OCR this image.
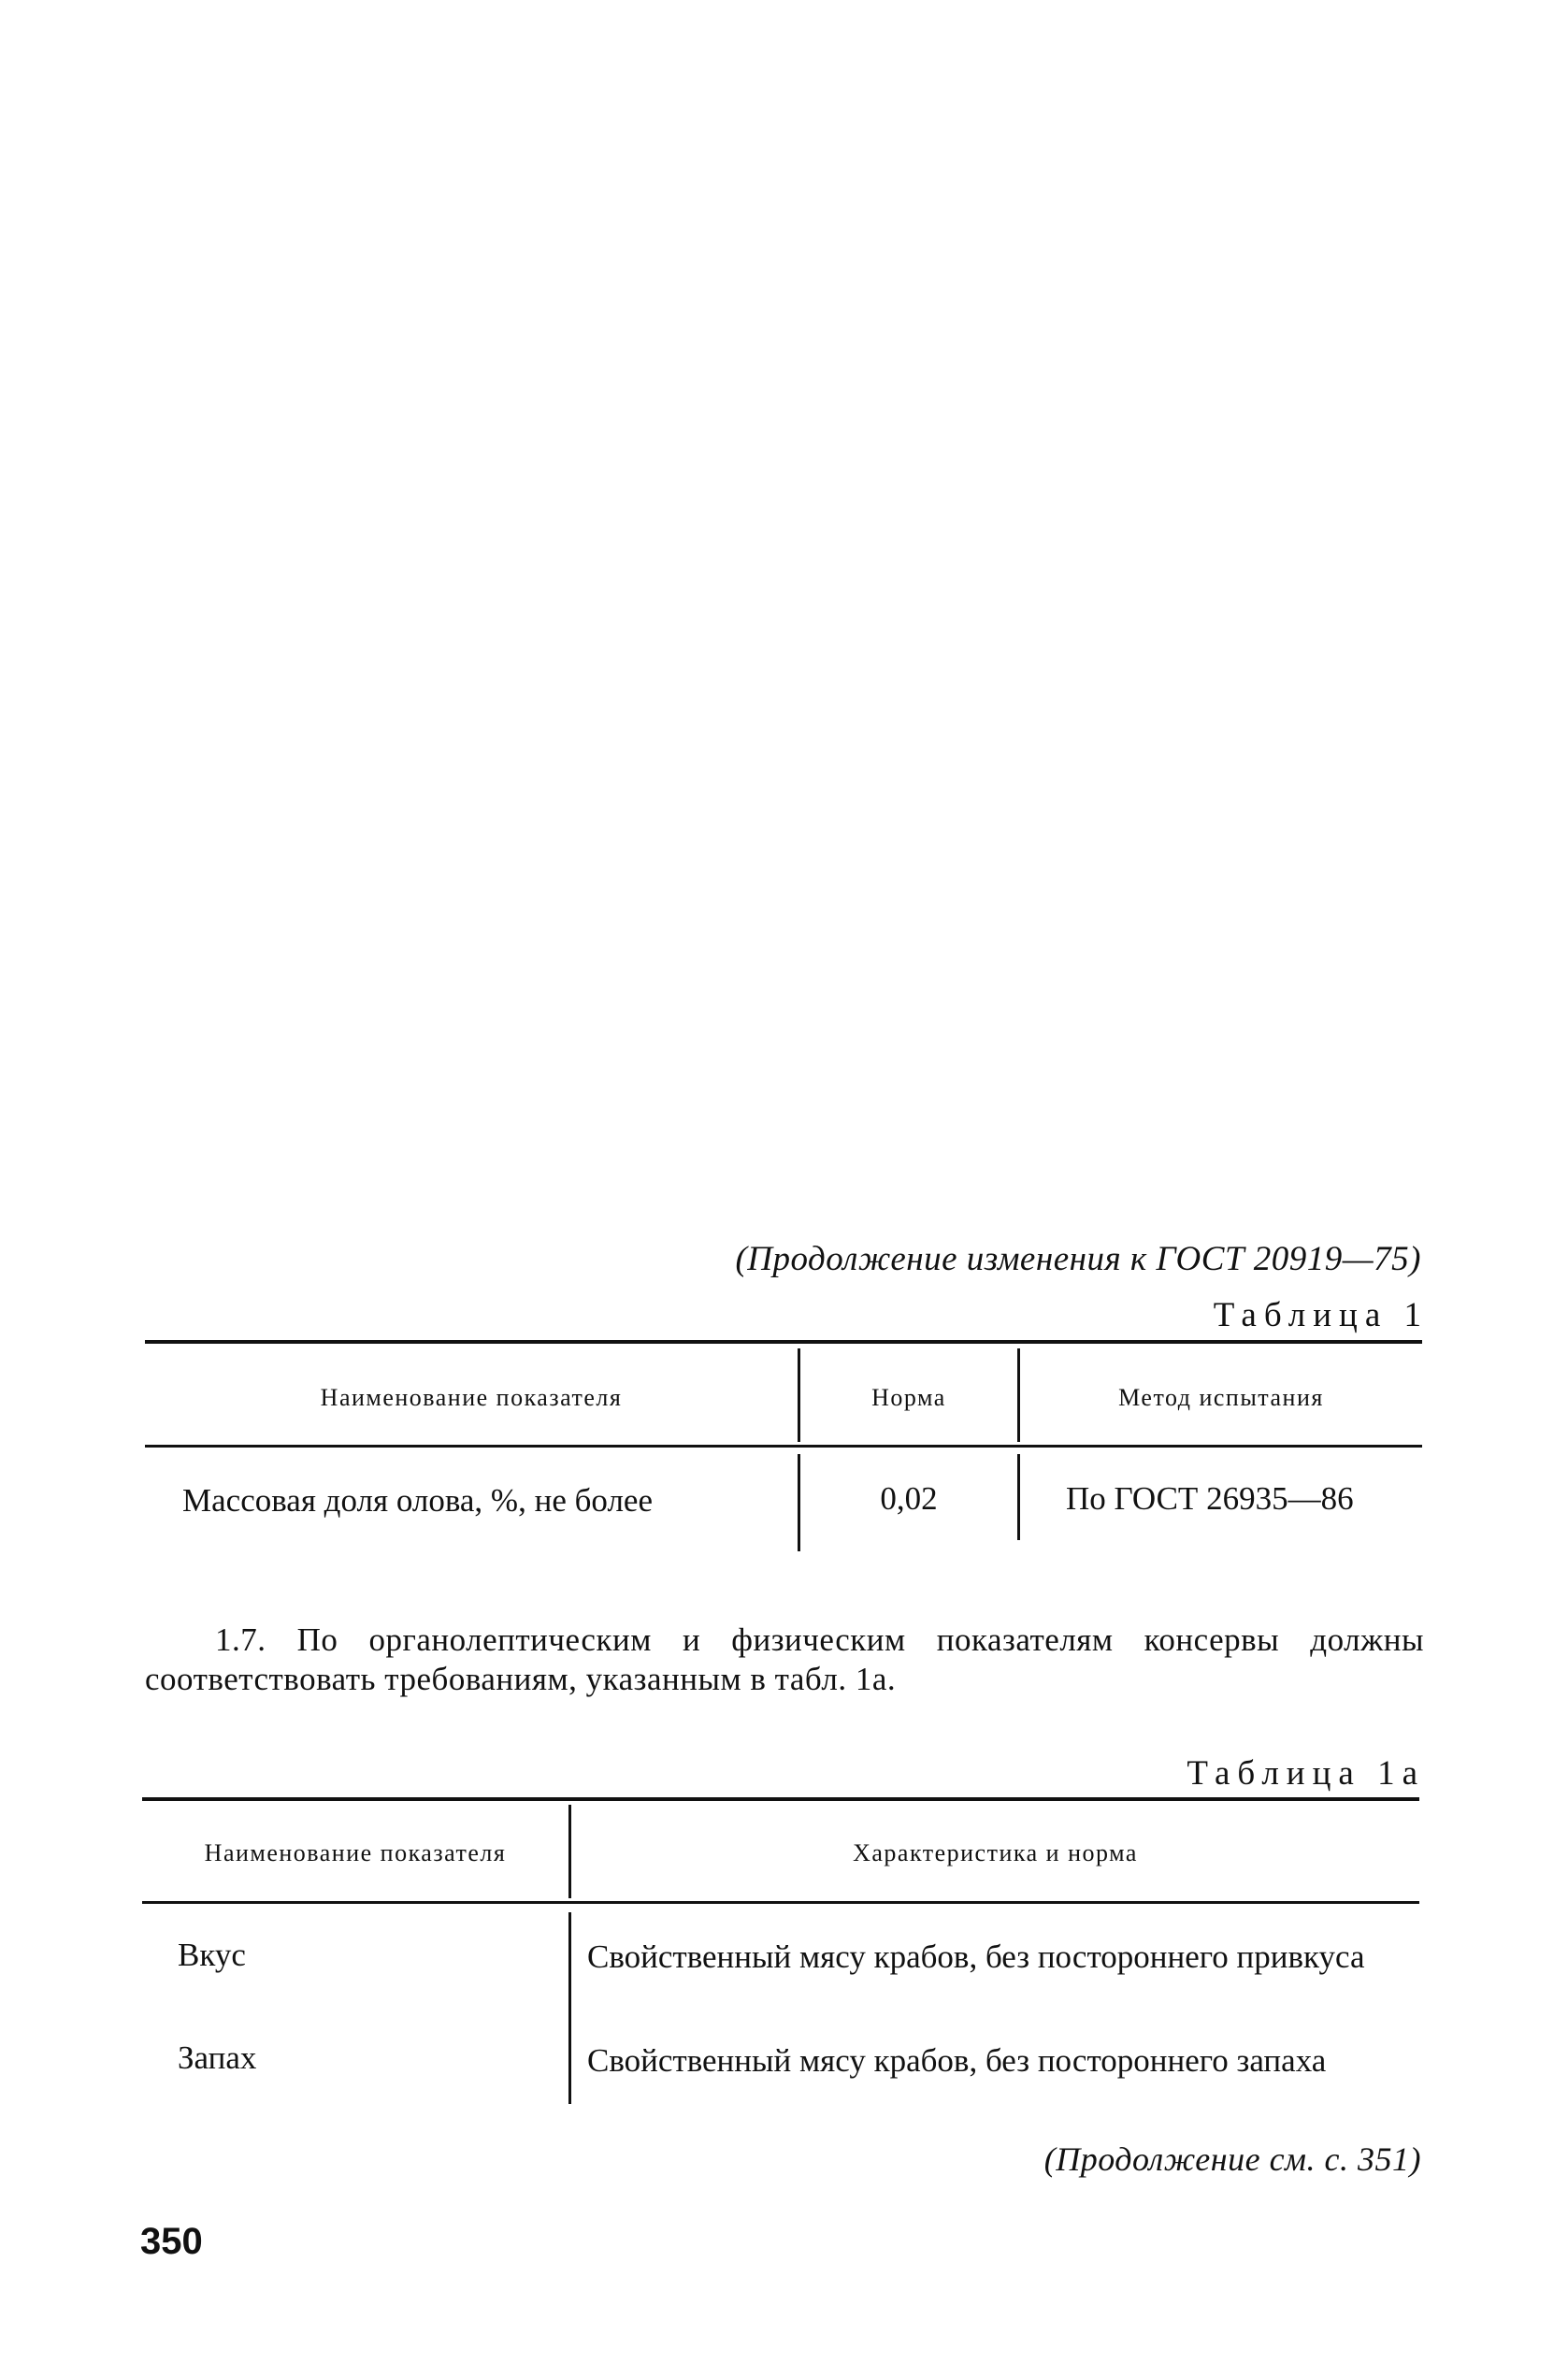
(Продолжение изменения к ГОСТ 20919—75)
Таблица 1
Наименование показателя	Норма	Метод испытания
Массовая доля олова, %, не более	0,02	По ГОСТ 26935—86
1.7. По органолептическим и физическим показателям консервы должны соответствовать требованиям, указанным в табл. 1а.
Таблица 1а
Наименование показателя	Характеристика и норма
Вкус	Свойственный мясу крабов, без постороннего привкуса
Запах	Свойственный мясу крабов, без постороннего запаха
(Продолжение см. с. 351)
350
